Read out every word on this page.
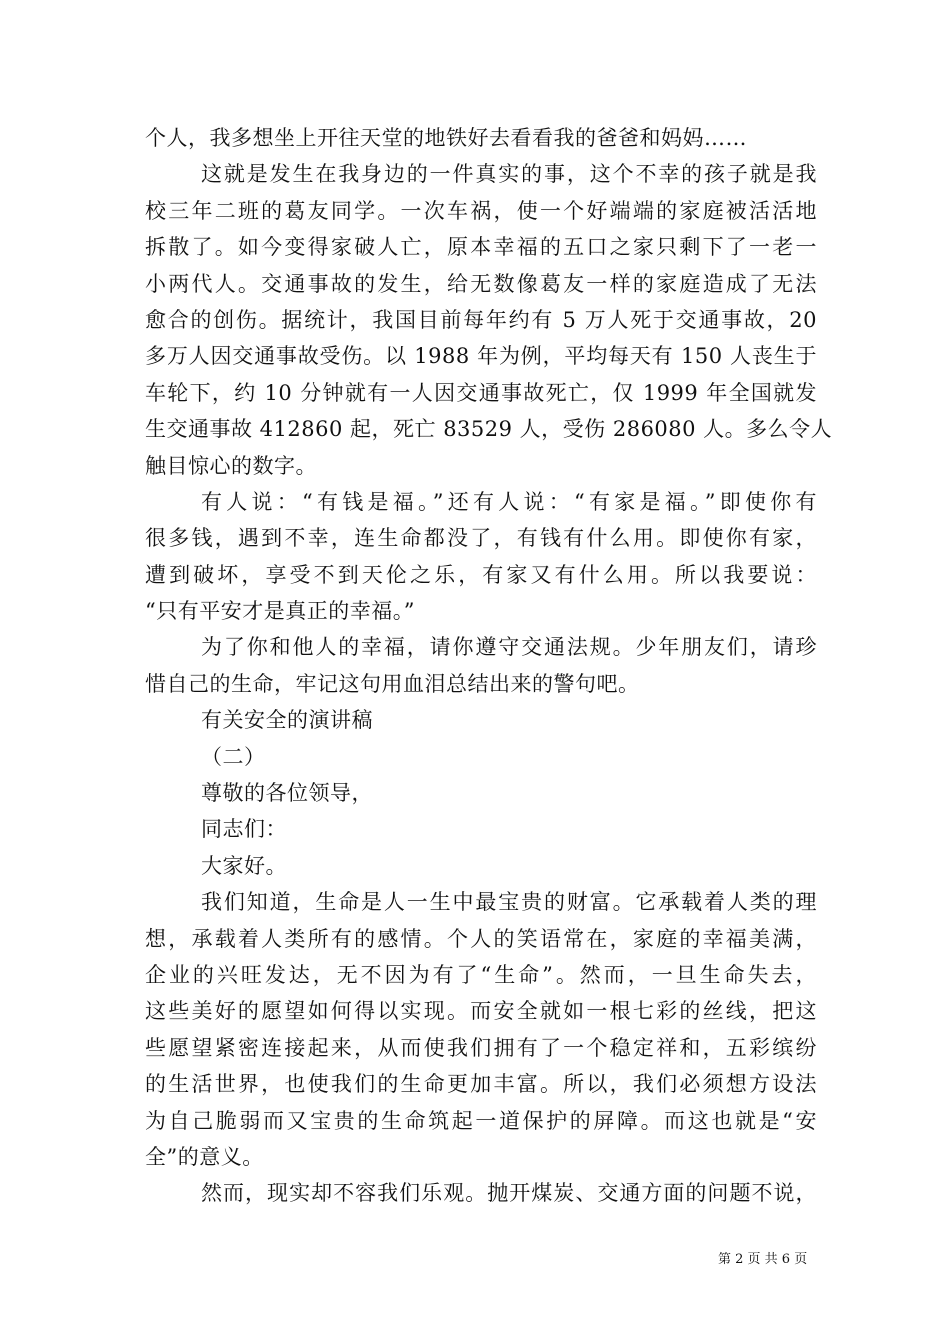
个人，我多想坐上开往天堂的地铁好去看看我的爸爸和妈妈……
这就是发生在我身边的一件真实的事，这个不幸的孩子就是我
校三年二班的葛友同学。一次车祸，使一个好端端的家庭被活活地
拆散了。如今变得家破人亡，原本幸福的五口之家只剩下了一老一
小两代人。交通事故的发生，给无数像葛友一样的家庭造成了无法
愈合的创伤。据统计，我国目前每年约有 5 万人死于交通事故，20
多万人因交通事故受伤。以 1988 年为例，平均每天有 150 人丧生于
车轮下，约 10 分钟就有一人因交通事故死亡，仅 1999 年全国就发
生交通事故 412860 起，死亡 83529 人，受伤 286080 人。多么令人
触目惊心的数字。
有人说：“有钱是福。”还有人说：“有家是福。”即使你有
很多钱，遇到不幸，连生命都没了，有钱有什么用。即使你有家，
遭到破坏，享受不到天伦之乐，有家又有什么用。所以我要说：
“只有平安才是真正的幸福。”
为了你和他人的幸福，请你遵守交通法规。少年朋友们，请珍
惜自己的生命，牢记这句用血泪总结出来的警句吧。
有关安全的演讲稿
（二）
尊敬的各位领导，
同志们：
大家好。
我们知道，生命是人一生中最宝贵的财富。它承载着人类的理
想，承载着人类所有的感情。个人的笑语常在，家庭的幸福美满，
企业的兴旺发达，无不因为有了“生命”。然而，一旦生命失去，
这些美好的愿望如何得以实现。而安全就如一根七彩的丝线，把这
些愿望紧密连接起来，从而使我们拥有了一个稳定祥和，五彩缤纷
的生活世界，也使我们的生命更加丰富。所以，我们必须想方设法
为自己脆弱而又宝贵的生命筑起一道保护的屏障。而这也就是“安
全”的意义。
然而，现实却不容我们乐观。抛开煤炭、交通方面的问题不说，
第 2 页 共 6 页
